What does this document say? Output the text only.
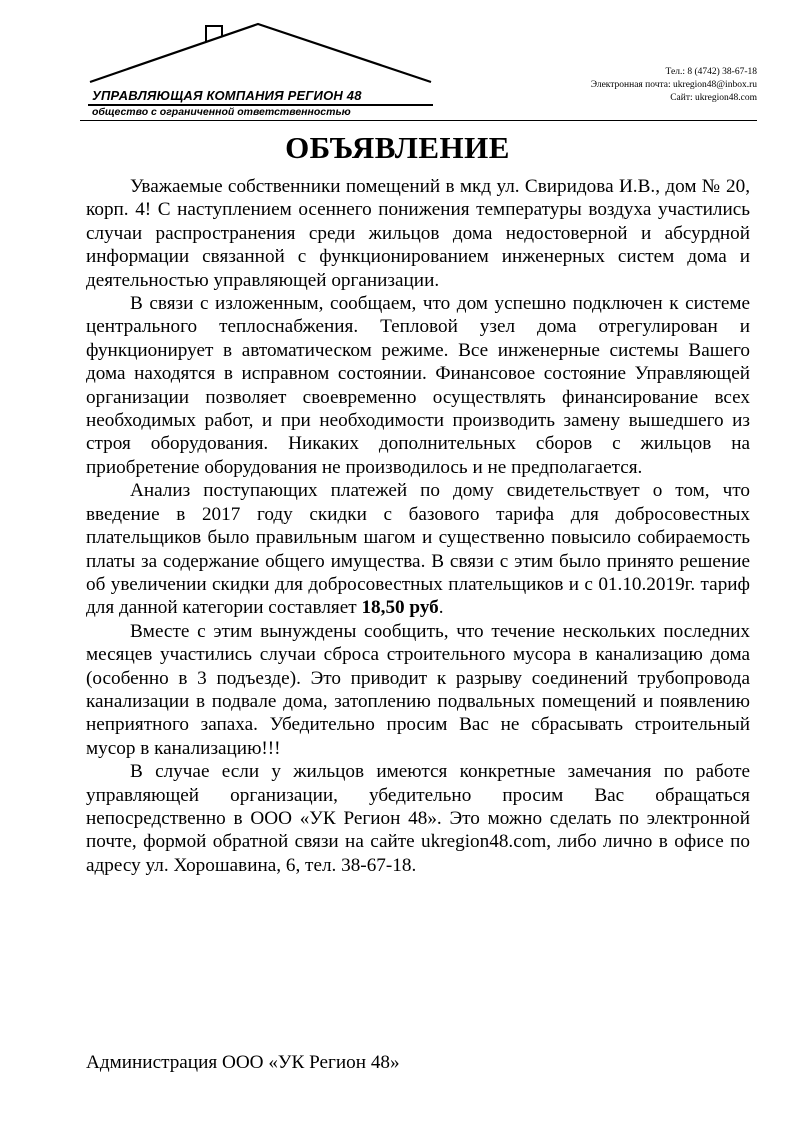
УПРАВЛЯЮЩАЯ КОМПАНИЯ РЕГИОН 48
общество с ограниченной ответственностью
Тел.: 8 (4742) 38-67-18
Электронная почта: ukregion48@inbox.ru
Сайт: ukregion48.com
ОБЪЯВЛЕНИЕ

Уважаемые собственники помещений в мкд ул. Свиридова И.В., дом № 20, корп. 4! С наступлением осеннего понижения температуры воздуха участились случаи распространения среди жильцов дома недостоверной и абсурдной информации связанной с функционированием инженерных систем дома и деятельностью управляющей организации.

В связи с изложенным, сообщаем, что дом успешно подключен к системе центрального теплоснабжения. Тепловой узел дома отрегулирован и функционирует в автоматическом режиме. Все инженерные системы Вашего дома находятся в исправном состоянии. Финансовое состояние Управляющей организации позволяет своевременно осуществлять финансирование всех необходимых работ, и при необходимости производить замену вышедшего из строя оборудования. Никаких дополнительных сборов с жильцов на приобретение оборудования не производилось и не предполагается.

Анализ поступающих платежей по дому свидетельствует о том, что введение в 2017 году скидки с базового тарифа для добросовестных плательщиков было правильным шагом и существенно повысило собираемость платы за содержание общего имущества. В связи с этим было принято решение об увеличении скидки для добросовестных плательщиков и с 01.10.2019г. тариф для данной категории составляет 18,50 руб.

Вместе с этим вынуждены сообщить, что течение нескольких последних месяцев участились случаи сброса строительного мусора в канализацию дома (особенно в 3 подъезде). Это приводит к разрыву соединений трубопровода канализации в подвале дома, затоплению подвальных помещений и появлению неприятного запаха. Убедительно просим Вас не сбрасывать строительный мусор в канализацию!!!

В случае если у жильцов имеются конкретные замечания по работе управляющей организации, убедительно просим Вас обращаться непосредственно в ООО «УК Регион 48». Это можно сделать по электронной почте, формой обратной связи на сайте ukregion48.com, либо лично в офисе по адресу ул. Хорошавина, 6, тел. 38-67-18.

Администрация ООО «УК Регион 48»
